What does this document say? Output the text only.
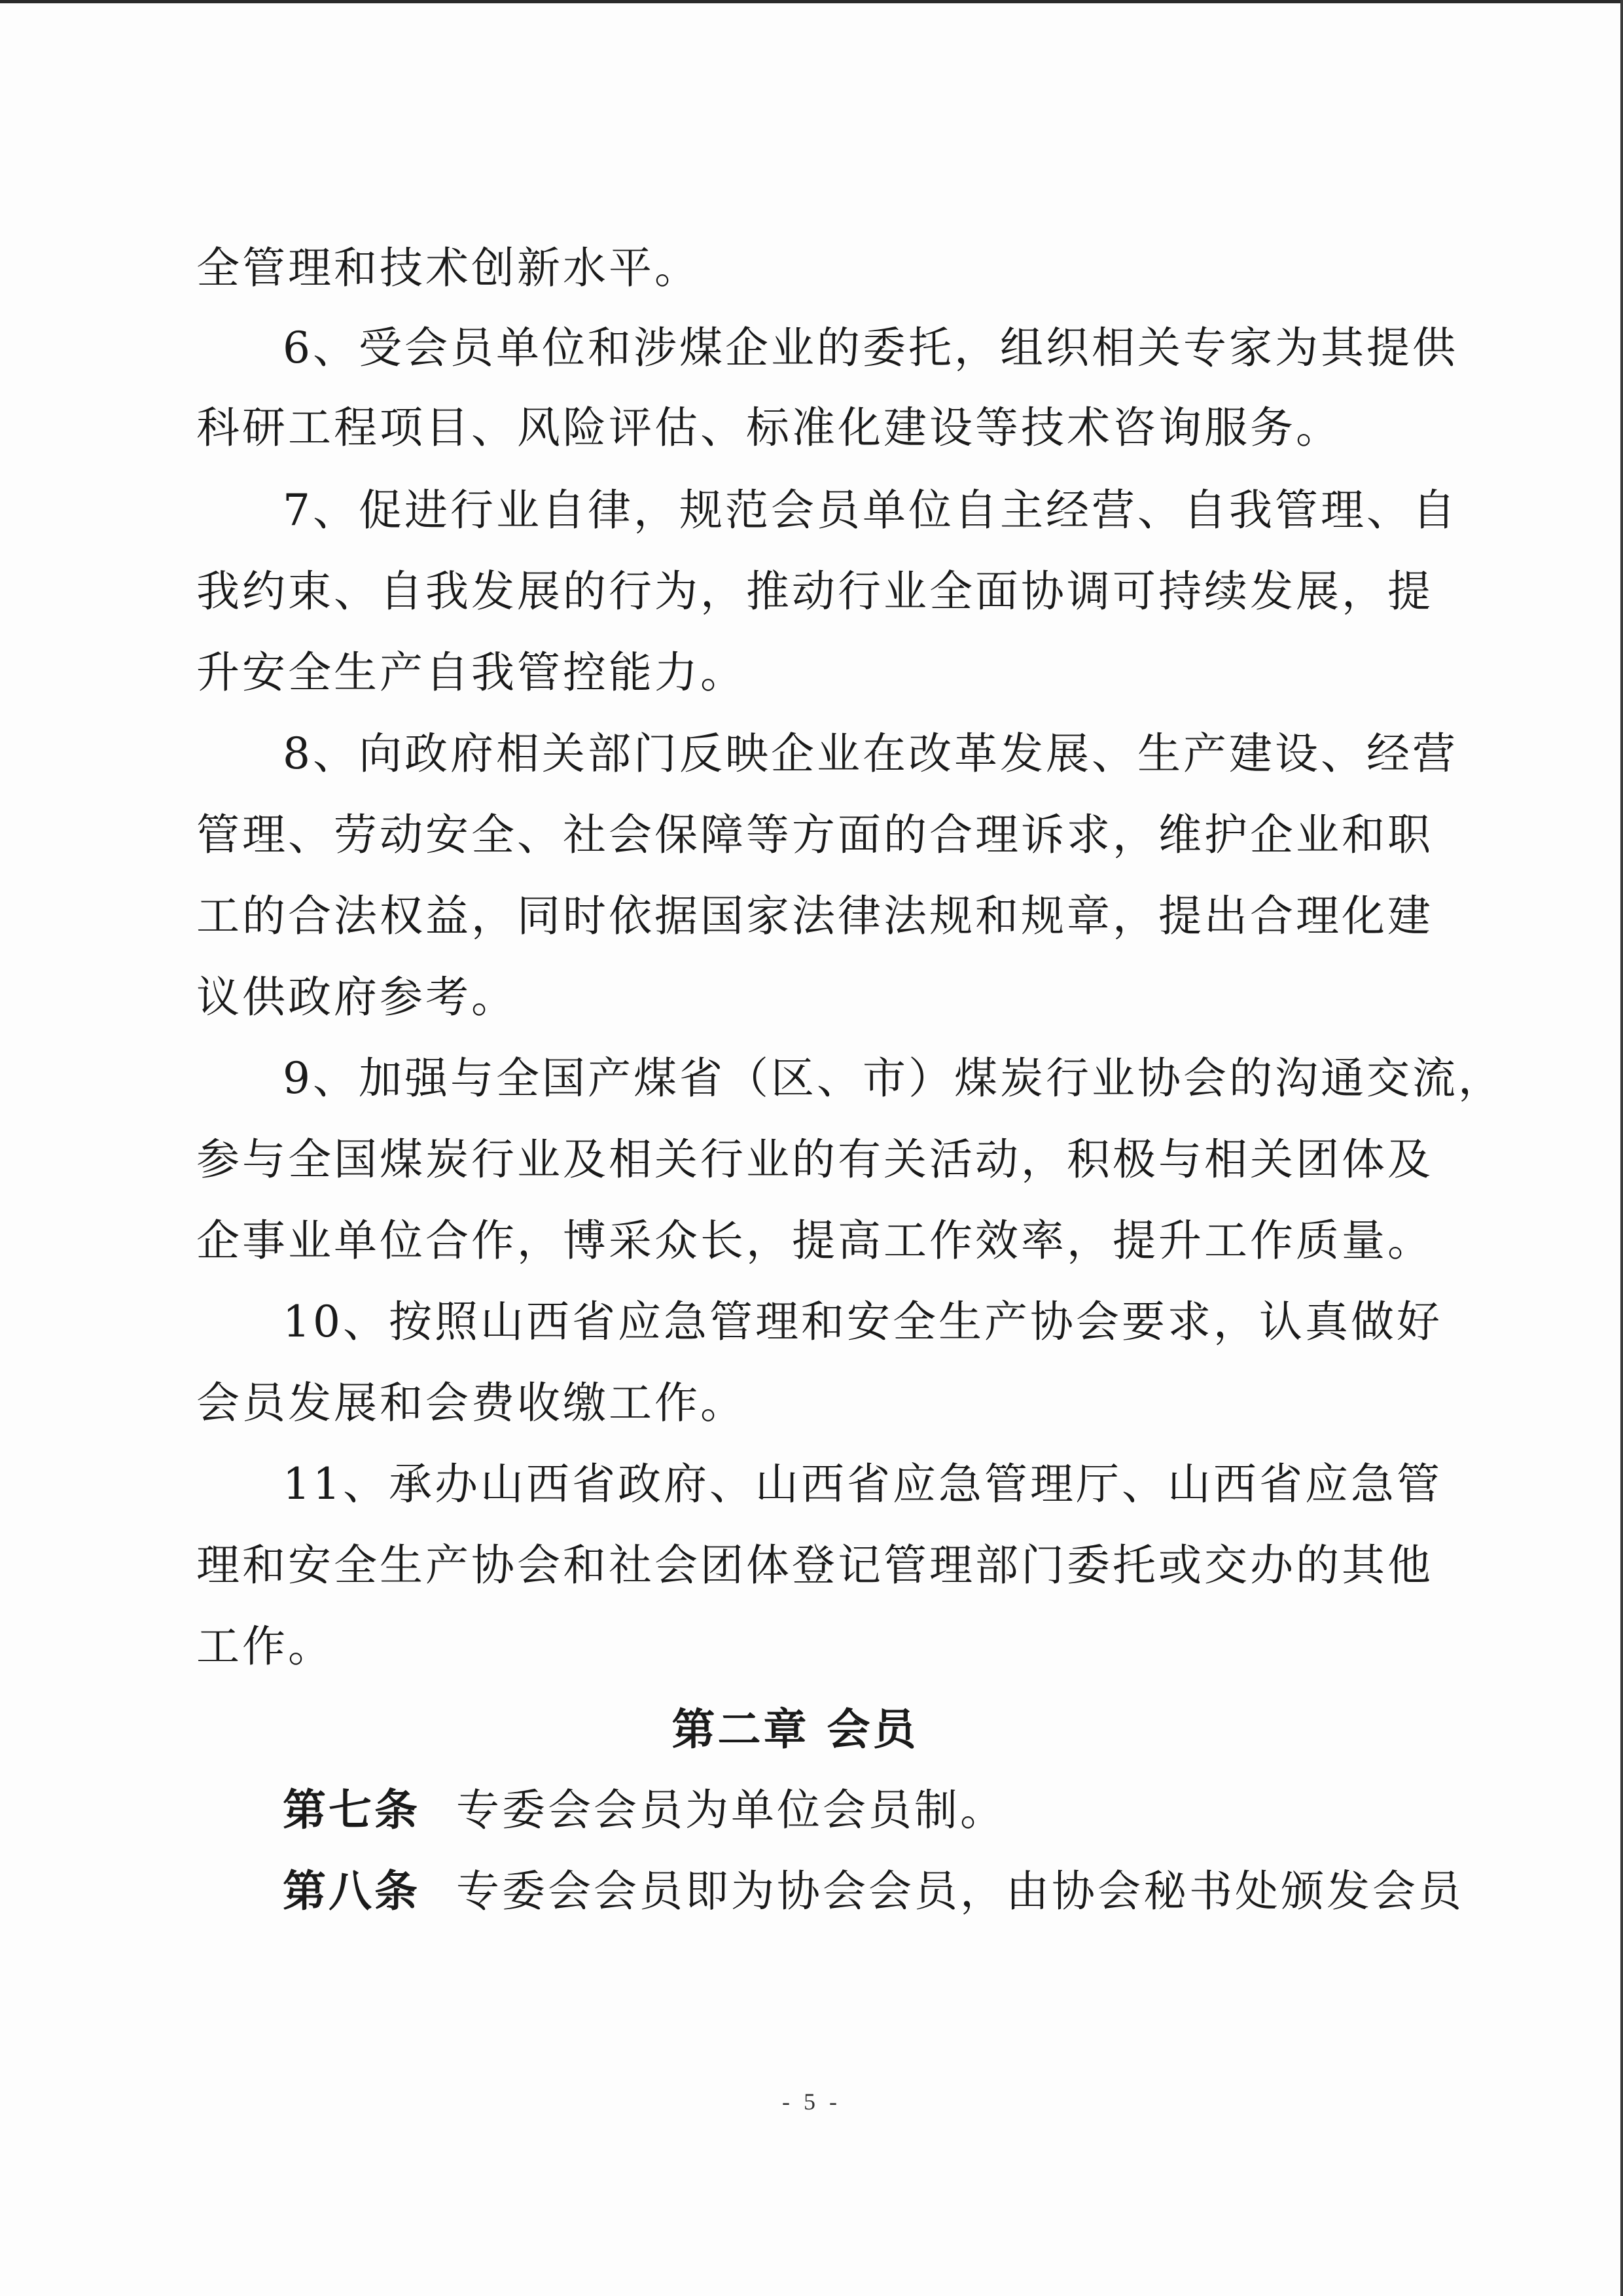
全管理和技术创新水平。
6、受会员单位和涉煤企业的委托，组织相关专家为其提供
科研工程项目、风险评估、标准化建设等技术咨询服务。
7、促进行业自律，规范会员单位自主经营、自我管理、自
我约束、自我发展的行为，推动行业全面协调可持续发展，提
升安全生产自我管控能力。
8、向政府相关部门反映企业在改革发展、生产建设、经营
管理、劳动安全、社会保障等方面的合理诉求，维护企业和职
工的合法权益，同时依据国家法律法规和规章，提出合理化建
议供政府参考。
9、加强与全国产煤省（区、市）煤炭行业协会的沟通交流，
参与全国煤炭行业及相关行业的有关活动，积极与相关团体及
企事业单位合作，博采众长，提高工作效率，提升工作质量。
10、按照山西省应急管理和安全生产协会要求，认真做好
会员发展和会费收缴工作。
11、承办山西省政府、山西省应急管理厅、山西省应急管
理和安全生产协会和社会团体登记管理部门委托或交办的其他
工作。
第二章 会员
第七条 专委会会员为单位会员制。
第八条 专委会会员即为协会会员，由协会秘书处颁发会员
- 5 -
